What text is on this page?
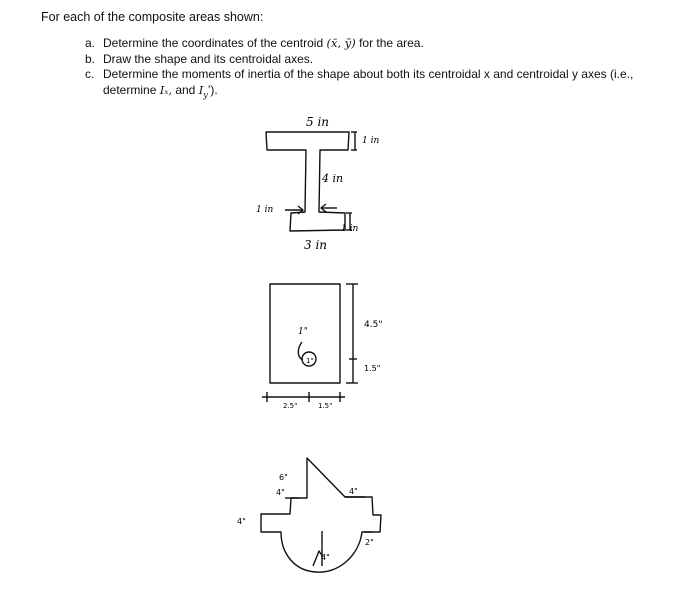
For each of the composite areas shown:
a. Determine the coordinates of the centroid (x̄, ȳ) for the area.
b. Draw the shape and its centroidal axes.
c. Determine the moments of inertia of the shape about both its centroidal x and centroidal y axes (i.e.,
determine Iₓ, and $I_y$’).
5 in
1 in
4 in
1 in
1 in
3 in
1"
1"
4.5"
1.5"
2.5"	1.5"
4"
4"
6"
4"
2"
4"
